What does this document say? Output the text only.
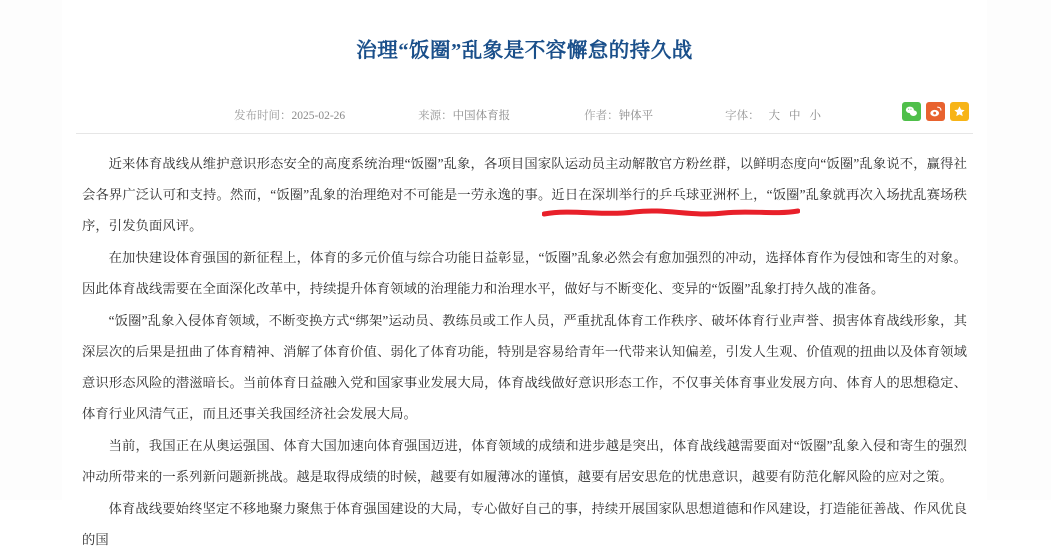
治理“饭圈”乱象是不容懈怠的持久战
发布时间：2025-02-26	来源：中国体育报	作者：钟体平	字体： 大 中 小

近来体育战线从维护意识形态安全的高度系统治理“饭圈”乱象，各项目国家队运动员主动解散官方粉丝群，以鲜明态度向“饭圈”乱象说不，赢得社会各界广泛认可和支持。然而，“饭圈”乱象的治理绝对不可能是一劳永逸的事。近日在深圳举行的乒乓球亚洲杯上，“饭圈”乱象就再次入场扰乱赛场秩序，引发负面风评。

在加快建设体育强国的新征程上，体育的多元价值与综合功能日益彰显，“饭圈”乱象必然会有愈加强烈的冲动，选择体育作为侵蚀和寄生的对象。因此体育战线需要在全面深化改革中，持续提升体育领域的治理能力和治理水平，做好与不断变化、变异的“饭圈”乱象打持久战的准备。

“饭圈”乱象入侵体育领域，不断变换方式“绑架”运动员、教练员或工作人员，严重扰乱体育工作秩序、破坏体育行业声誉、损害体育战线形象，其深层次的后果是扭曲了体育精神、消解了体育价值、弱化了体育功能，特别是容易给青年一代带来认知偏差，引发人生观、价值观的扭曲以及体育领域意识形态风险的潜滋暗长。当前体育日益融入党和国家事业发展大局，体育战线做好意识形态工作，不仅事关体育事业发展方向、体育人的思想稳定、体育行业风清气正，而且还事关我国经济社会发展大局。

当前，我国正在从奥运强国、体育大国加速向体育强国迈进，体育领域的成绩和进步越是突出，体育战线越需要面对“饭圈”乱象入侵和寄生的强烈冲动所带来的一系列新问题新挑战。越是取得成绩的时候，越要有如履薄冰的谨慎，越要有居安思危的忧患意识，越要有防范化解风险的应对之策。

体育战线要始终坚定不移地聚力聚焦于体育强国建设的大局，专心做好自己的事，持续开展国家队思想道德和作风建设，打造能征善战、作风优良的国
